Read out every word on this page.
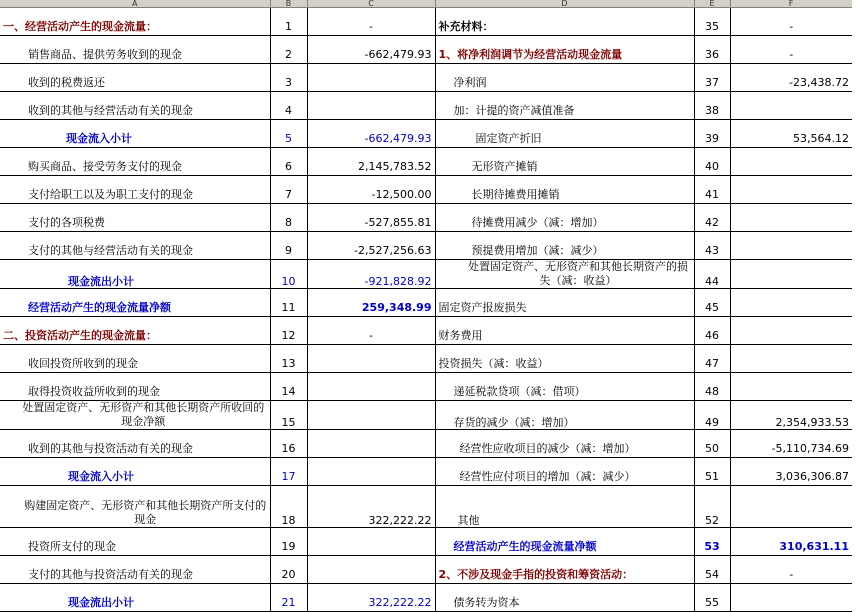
A	B	C	D	E	F
一、经营活动产生的现金流量：	1	-	补充材料：	35	-
销售商品、提供劳务收到的现金	2	-662,479.93	1、将净利润调节为经营活动现金流量	36	-
收到的税费返还	3		净利润	37	-23,438.72
收到的其他与经营活动有关的现金	4		加：计提的资产减值准备	38	
现金流入小计	5	-662,479.93	固定资产折旧	39	53,564.12
购买商品、接受劳务支付的现金	6	2,145,783.52	无形资产摊销	40	
支付给职工以及为职工支付的现金	7	-12,500.00	长期待摊费用摊销	41	
支付的各项税费	8	-527,855.81	待摊费用减少（减：增加）	42	
支付的其他与经营活动有关的现金	9	-2,527,256.63	预提费用增加（减：减少）	43	
现金流出小计	10	-921,828.92	处置固定资产、无形资产和其他长期资产的损失（减：收益）	44	
经营活动产生的现金流量净额	11	259,348.99	固定资产报废损失	45	
二、投资活动产生的现金流量：	12	-	财务费用	46	
收回投资所收到的现金	13		投资损失（减：收益）	47	
取得投资收益所收到的现金	14		递延税款贷项（减：借项）	48	
处置固定资产、无形资产和其他长期资产所收回的现金净额	15		存货的减少（减：增加）	49	2,354,933.53
收到的其他与投资活动有关的现金	16		经营性应收项目的减少（减：增加）	50	-5,110,734.69
现金流入小计	17		经营性应付项目的增加（减：减少）	51	3,036,306.87
购建固定资产、无形资产和其他长期资产所支付的现金	18	322,222.22	其他	52	
投资所支付的现金	19		经营活动产生的现金流量净额	53	310,631.11
支付的其他与投资活动有关的现金	20		2、不涉及现金手指的投资和筹资活动：	54	-
现金流出小计	21	322,222.22	债务转为资本	55	
